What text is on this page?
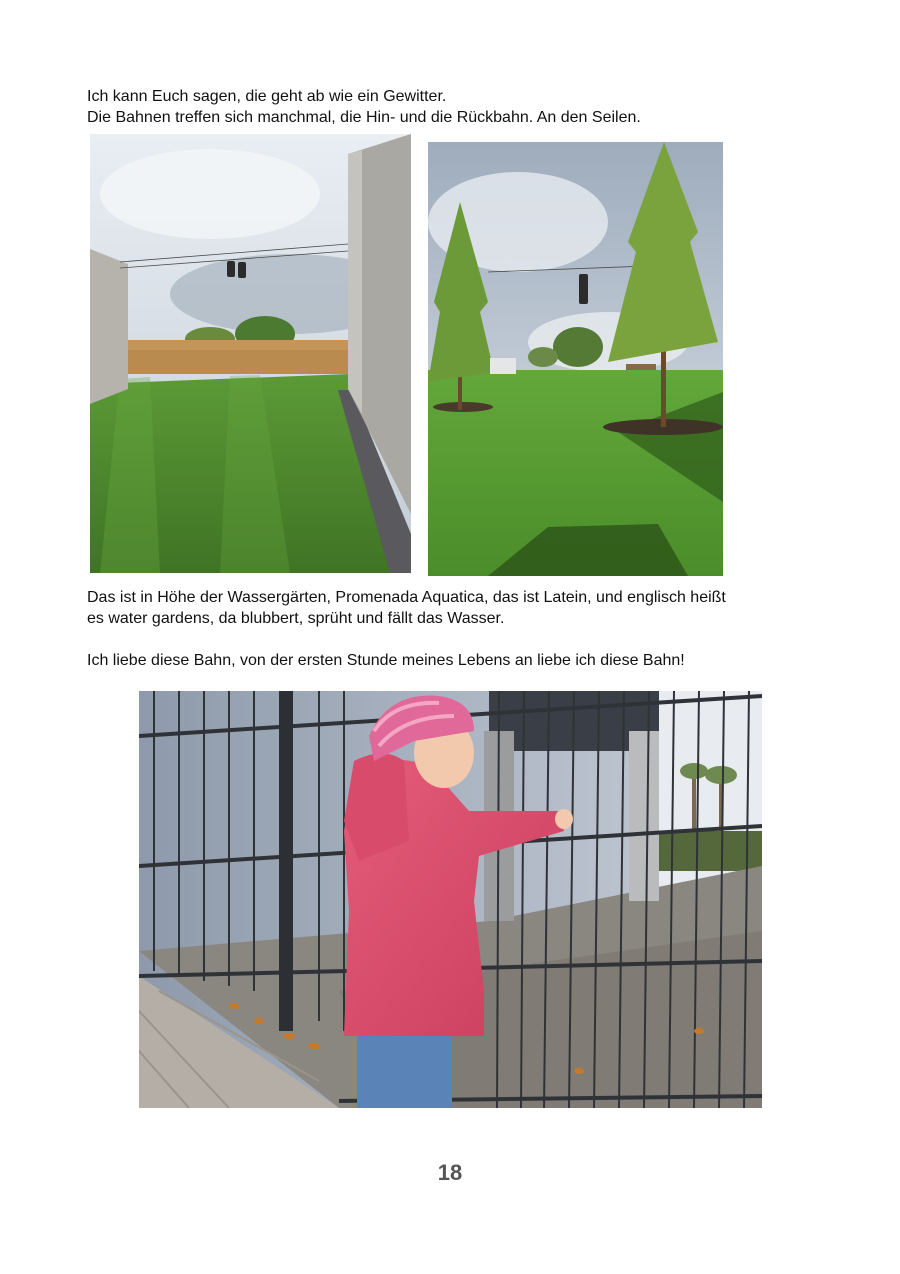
Ich kann Euch sagen, die geht ab wie ein Gewitter.
Die Bahnen treffen sich manchmal, die Hin- und die Rückbahn. An den Seilen.
Das ist in Höhe der Wassergärten, Promenada Aquatica, das ist Latein, und englisch heißt
es water gardens, da blubbert, sprüht und fällt das Wasser.
Ich liebe diese Bahn, von der ersten Stunde meines Lebens an liebe ich diese Bahn!
18
